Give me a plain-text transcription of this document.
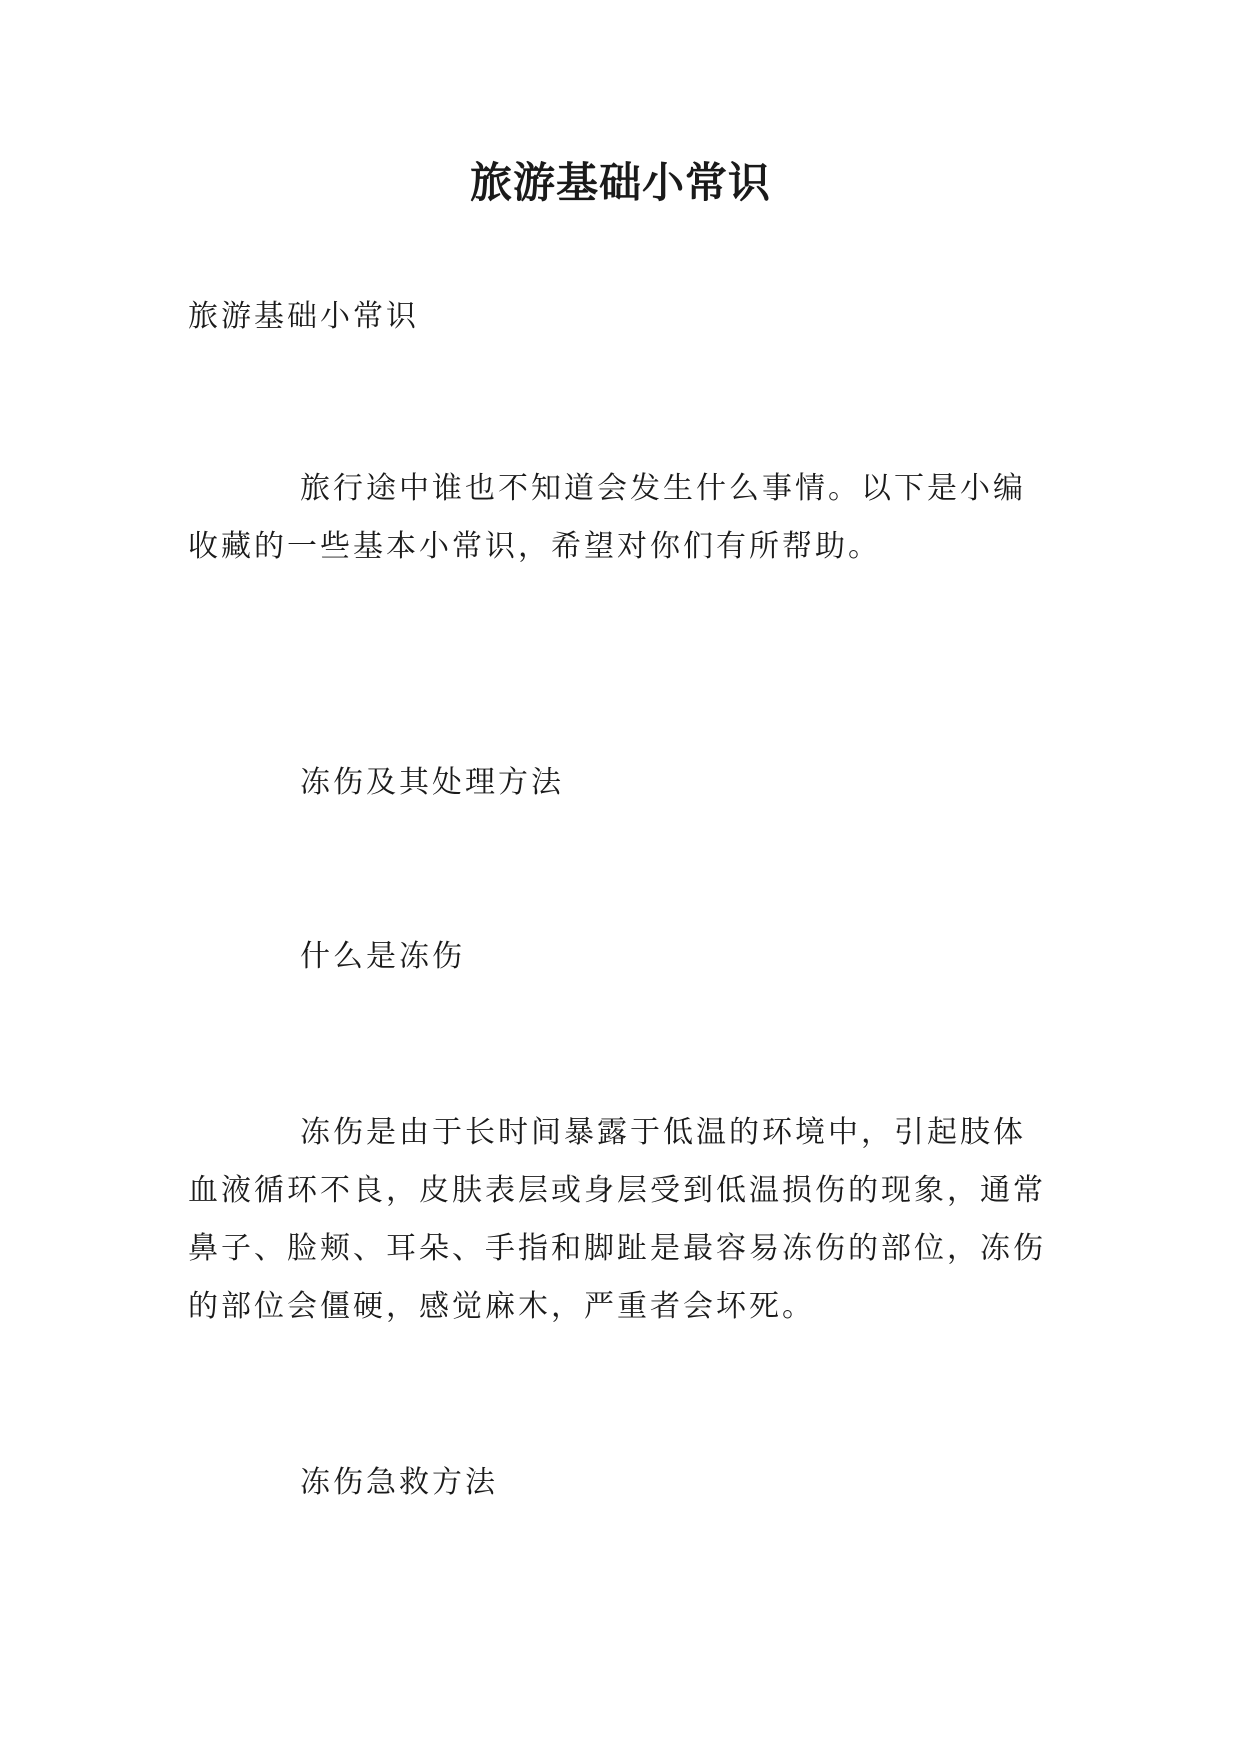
旅游基础小常识

旅游基础小常识

旅行途中谁也不知道会发生什么事情。以下是小编收藏的一些基本小常识，希望对你们有所帮助。

冻伤及其处理方法

什么是冻伤

冻伤是由于长时间暴露于低温的环境中，引起肢体血液循环不良，皮肤表层或身层受到低温损伤的现象，通常鼻子、脸颊、耳朵、手指和脚趾是最容易冻伤的部位，冻伤的部位会僵硬，感觉麻木，严重者会坏死。

冻伤急救方法
